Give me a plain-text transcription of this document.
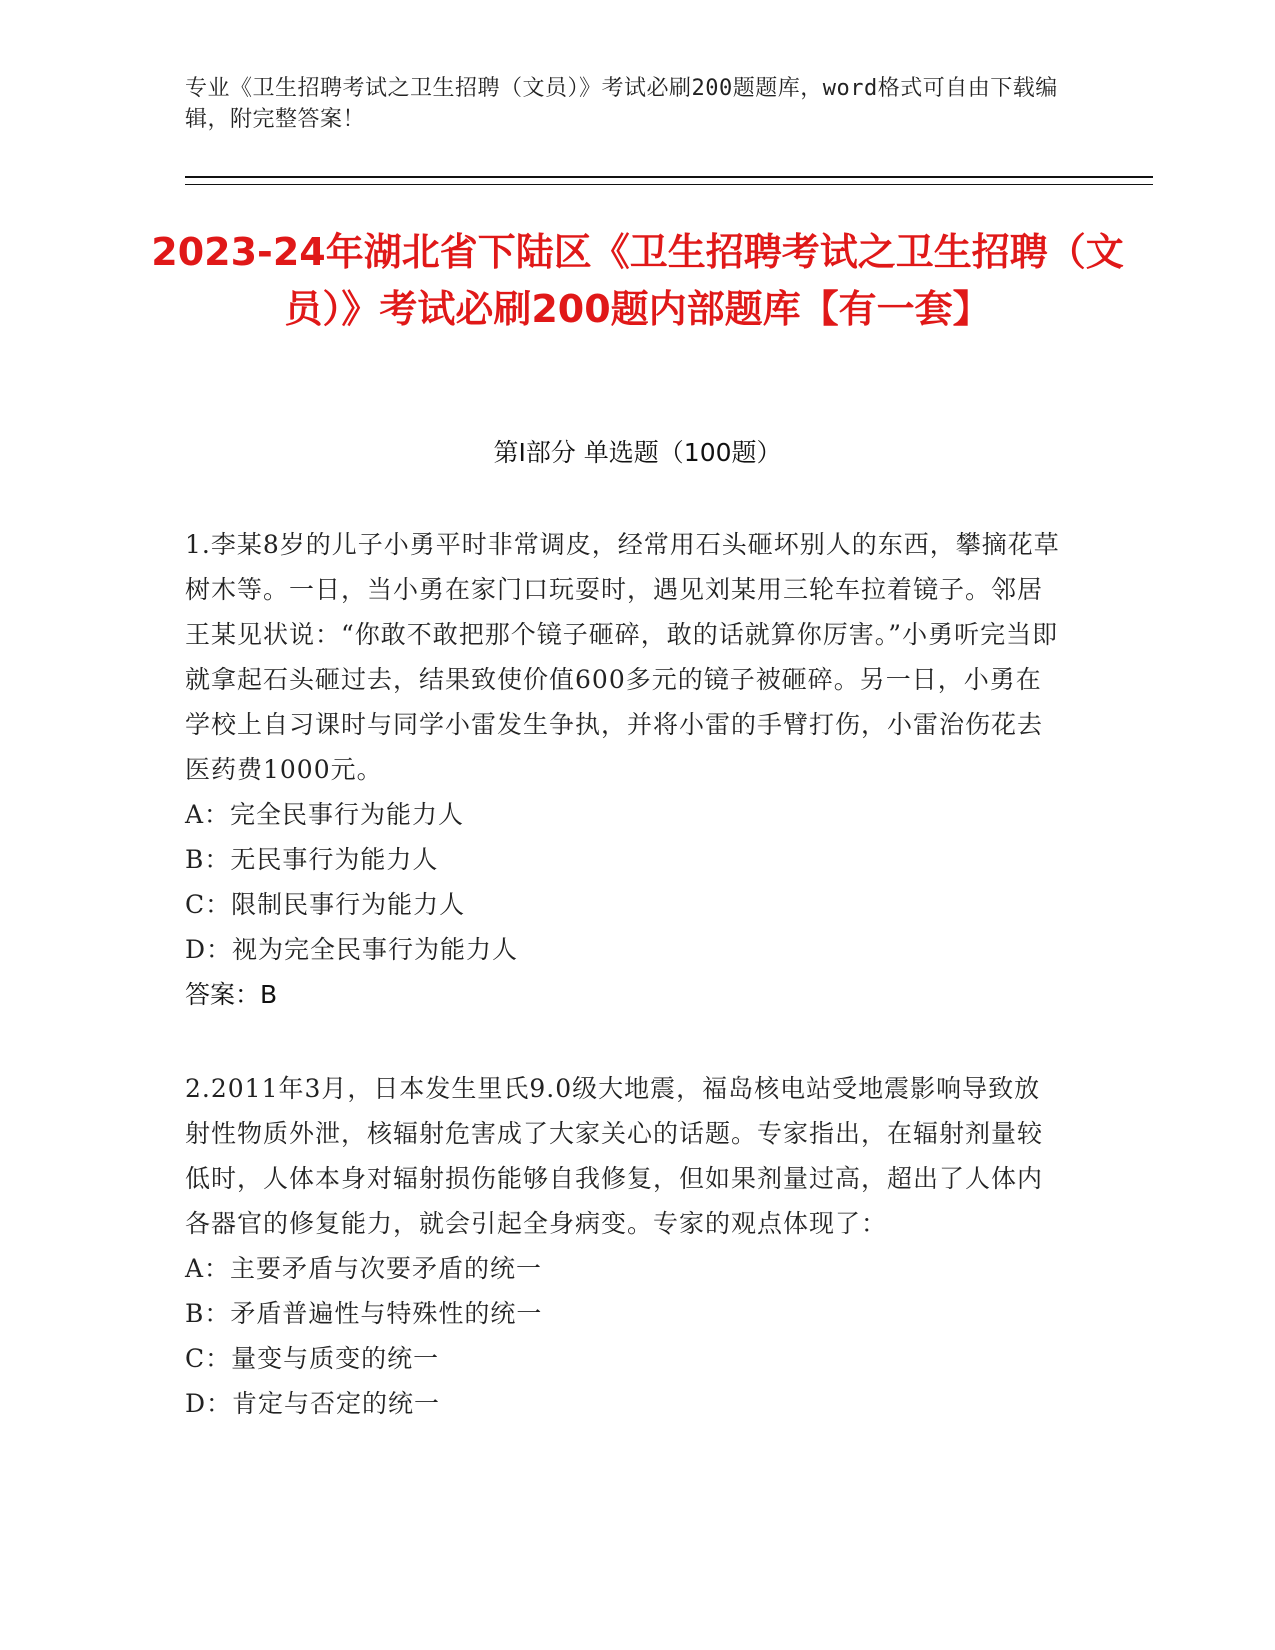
专业《卫生招聘考试之卫生招聘（文员）》考试必刷200题题库，word格式可自由下载编辑，附完整答案！
2023-24年湖北省下陆区《卫生招聘考试之卫生招聘（文员）》考试必刷200题内部题库【有一套】
第I部分 单选题（100题）
1.李某8岁的儿子小勇平时非常调皮，经常用石头砸坏别人的东西，攀摘花草树木等。一日，当小勇在家门口玩耍时，遇见刘某用三轮车拉着镜子。邻居王某见状说：“你敢不敢把那个镜子砸碎，敢的话就算你厉害。”小勇听完当即就拿起石头砸过去，结果致使价值600多元的镜子被砸碎。另一日，小勇在学校上自习课时与同学小雷发生争执，并将小雷的手臂打伤，小雷治伤花去医药费1000元。
A：完全民事行为能力人
B：无民事行为能力人
C：限制民事行为能力人
D：视为完全民事行为能力人
答案：B
2.2011年3月，日本发生里氏9.0级大地震，福岛核电站受地震影响导致放射性物质外泄，核辐射危害成了大家关心的话题。专家指出，在辐射剂量较低时，人体本身对辐射损伤能够自我修复，但如果剂量过高，超出了人体内各器官的修复能力，就会引起全身病变。专家的观点体现了：
A：主要矛盾与次要矛盾的统一
B：矛盾普遍性与特殊性的统一
C：量变与质变的统一
D：肯定与否定的统一
